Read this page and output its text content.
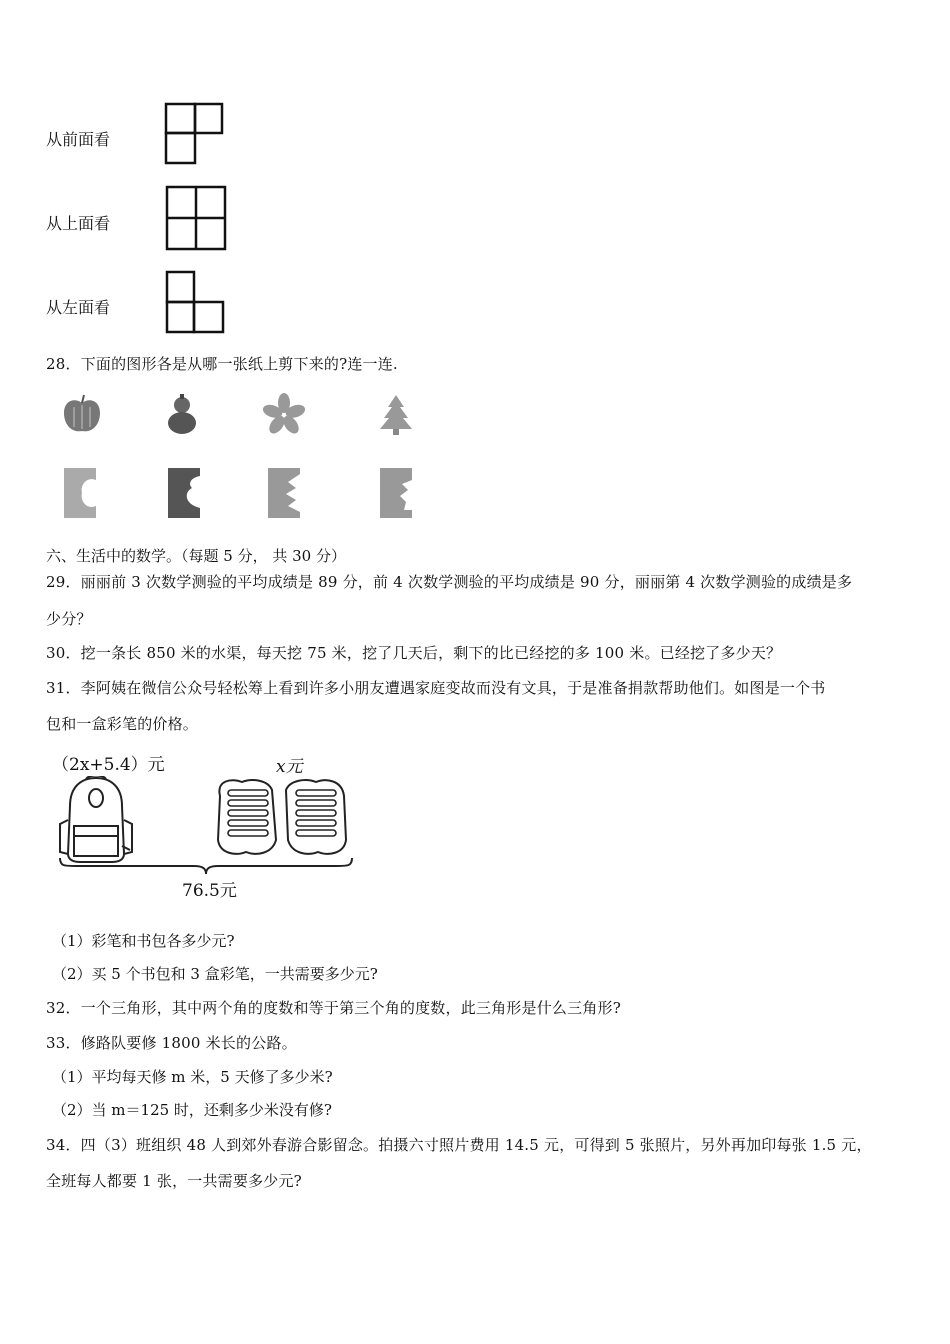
从前面看
从上面看
从左面看
28．下面的图形各是从哪一张纸上剪下来的?连一连.
六、生活中的数学。（每题 5 分， 共 30 分）
29．丽丽前 3 次数学测验的平均成绩是 89 分，前 4 次数学测验的平均成绩是 90 分，丽丽第 4 次数学测验的成绩是多
少分？
30．挖一条长 850 米的水渠，每天挖 75 米，挖了几天后，剩下的比已经挖的多 100 米。已经挖了多少天？
31．李阿姨在微信公众号轻松筹上看到许多小朋友遭遇家庭变故而没有文具，于是准备捐款帮助他们。如图是一个书
包和一盒彩笔的价格。
（2x+5.4）元	x元
76.5元
（1）彩笔和书包各多少元?
（2）买 5 个书包和 3 盒彩笔，一共需要多少元?
32．一个三角形，其中两个角的度数和等于第三个角的度数，此三角形是什么三角形?
33．修路队要修 1800 米长的公路。
（1）平均每天修 m 米，5 天修了多少米?
（2）当 m＝125 时，还剩多少米没有修?
34．四（3）班组织 48 人到郊外春游合影留念。拍摄六寸照片费用 14.5 元，可得到 5 张照片，另外再加印每张 1.5 元，
全班每人都要 1 张，一共需要多少元?
